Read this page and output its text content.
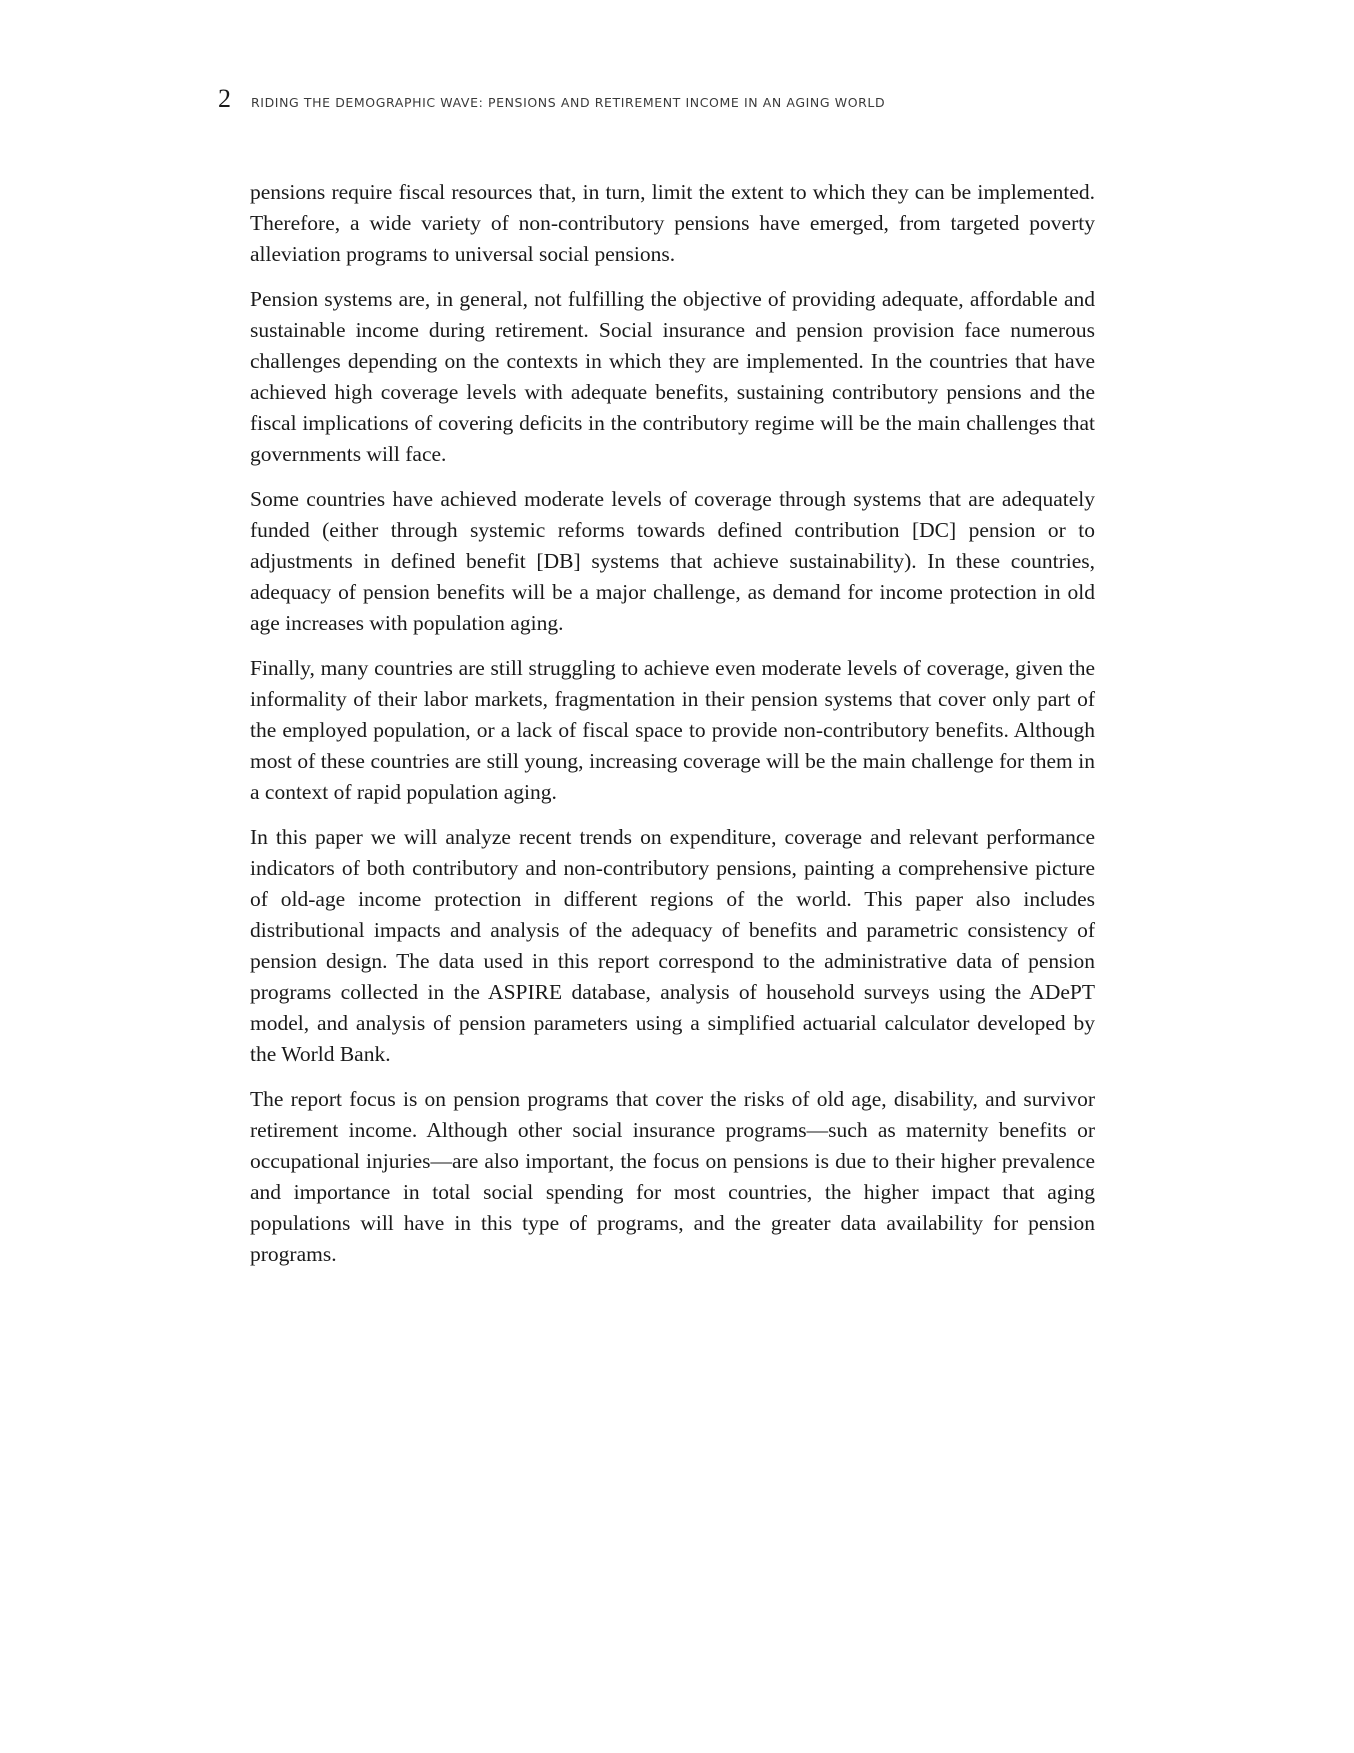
2 RIDING THE DEMOGRAPHIC WAVE: PENSIONS AND RETIREMENT INCOME IN AN AGING WORLD

pensions require fiscal resources that, in turn, limit the extent to which they can be implemented. Therefore, a wide variety of non-contributory pensions have emerged, from targeted poverty alleviation programs to universal social pensions.

Pension systems are, in general, not fulfilling the objective of providing adequate, affordable and sustainable income during retirement. Social insurance and pension provision face numerous challenges depending on the contexts in which they are implemented. In the countries that have achieved high coverage levels with adequate benefits, sustaining contributory pensions and the fiscal implications of covering deficits in the contributory regime will be the main challenges that governments will face.

Some countries have achieved moderate levels of coverage through systems that are adequately funded (either through systemic reforms towards defined contribution [DC] pension or to adjustments in defined benefit [DB] systems that achieve sustainability). In these countries, adequacy of pension benefits will be a major challenge, as demand for income protection in old age increases with population aging.

Finally, many countries are still struggling to achieve even moderate levels of coverage, given the informality of their labor markets, fragmentation in their pension systems that cover only part of the employed population, or a lack of fiscal space to provide non-contributory benefits. Although most of these countries are still young, increasing coverage will be the main challenge for them in a context of rapid population aging.

In this paper we will analyze recent trends on expenditure, coverage and relevant performance indicators of both contributory and non-contributory pensions, painting a comprehensive picture of old-age income protection in different regions of the world. This paper also includes distributional impacts and analysis of the adequacy of benefits and parametric consistency of pension design. The data used in this report correspond to the administrative data of pension programs collected in the ASPIRE database, analysis of household surveys using the ADePT model, and analysis of pension parameters using a simplified actuarial calculator developed by the World Bank.

The report focus is on pension programs that cover the risks of old age, disability, and survivor retirement income. Although other social insurance programs—such as maternity benefits or occupational injuries—are also important, the focus on pensions is due to their higher prevalence and importance in total social spending for most countries, the higher impact that aging populations will have in this type of programs, and the greater data availability for pension programs.
